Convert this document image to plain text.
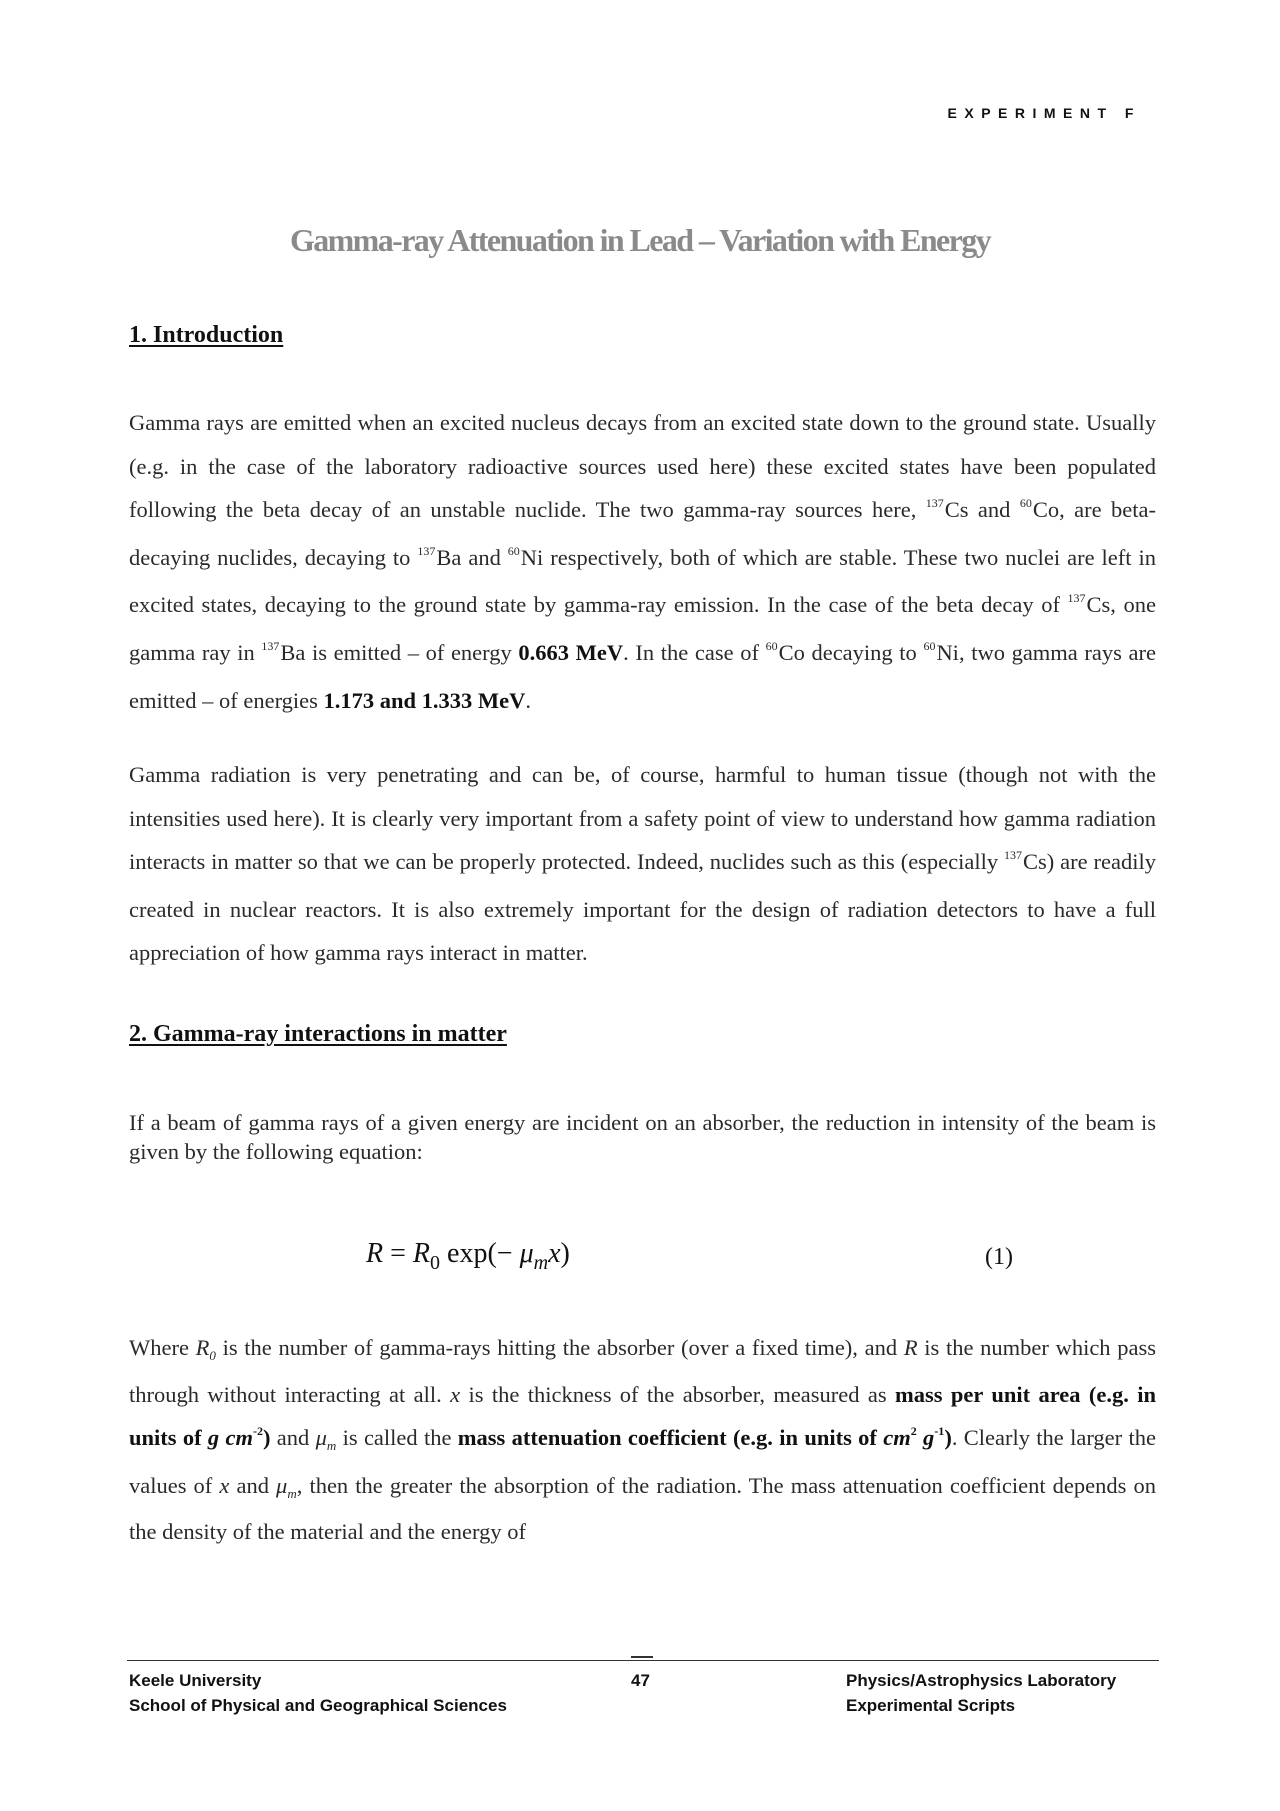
EXPERIMENT F
Gamma-ray Attenuation in Lead – Variation with Energy
1. Introduction

Gamma rays are emitted when an excited nucleus decays from an excited state down to the ground state. Usually (e.g. in the case of the laboratory radioactive sources used here) these excited states have been populated following the beta decay of an unstable nuclide. The two gamma-ray sources here, $^{137}$Cs and $^{60}$Co, are beta-decaying nuclides, decaying to $^{137}$Ba and $^{60}$Ni respectively, both of which are stable. These two nuclei are left in excited states, decaying to the ground state by gamma-ray emission. In the case of the beta decay of $^{137}$Cs, one gamma ray in $^{137}$Ba is emitted – of energy 0.663 MeV. In the case of $^{60}$Co decaying to $^{60}$Ni, two gamma rays are emitted – of energies 1.173 and 1.333 MeV.

Gamma radiation is very penetrating and can be, of course, harmful to human tissue (though not with the intensities used here). It is clearly very important from a safety point of view to understand how gamma radiation interacts in matter so that we can be properly protected. Indeed, nuclides such as this (especially $^{137}$Cs) are readily created in nuclear reactors. It is also extremely important for the design of radiation detectors to have a full appreciation of how gamma rays interact in matter.

2. Gamma-ray interactions in matter
If a beam of gamma rays of a given energy are incident on an absorber, the reduction in intensity of the beam is given by the following equation:
$R = R_0$ $\exp(- \mu_mx)$	(1)

Where $R_0$ is the number of gamma-rays hitting the absorber (over a fixed time), and R is the number which pass through without interacting at all. x is the thickness of the absorber, measured as mass per unit area (e.g. in units of g $cm^{-2}$) and $\mu_m$ is called the mass attenuation coefficient (e.g. in units of $cm^2$ $g^{-1}$). Clearly the larger the values of x and $\mu_m$, then the greater the absorption of the radiation. The mass attenuation coefficient depends on the density of the material and the energy of

Keele University
School of Physical and Geographical Sciences
47	Physics/Astrophysics Laboratory
Experimental Scripts
